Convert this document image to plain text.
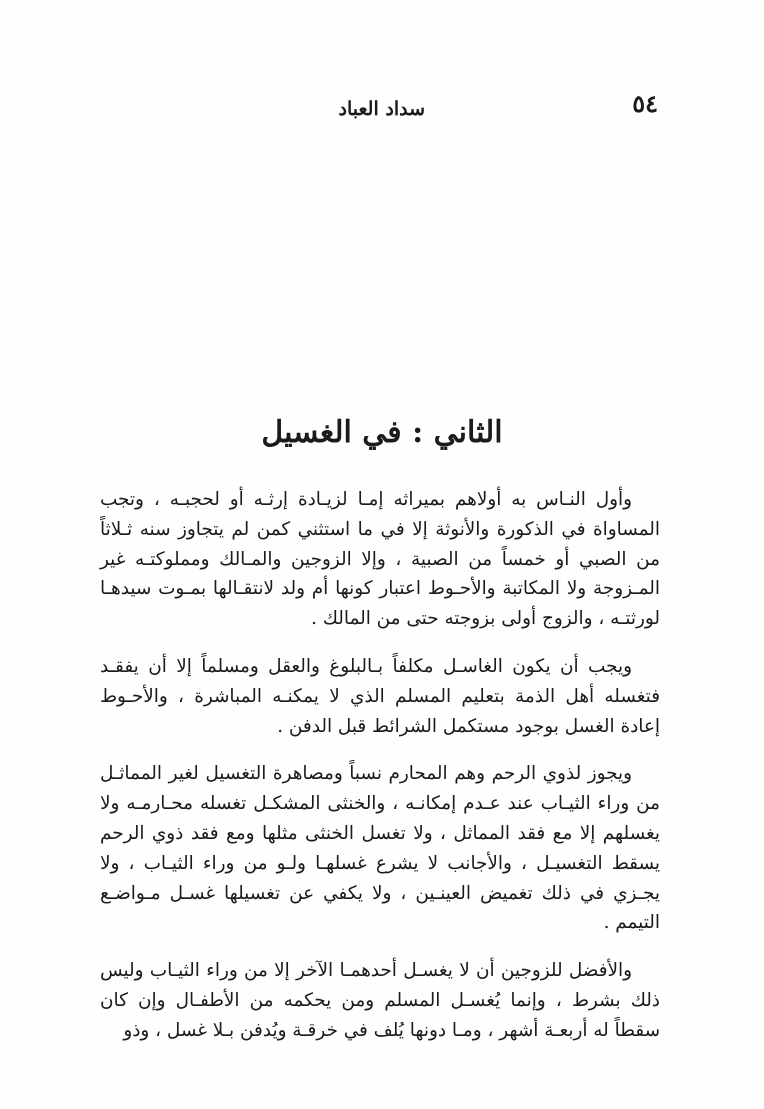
٥٤
سداد العباد
الثاني : في الغسيل

وأول النـاس به أولاهم بميراثه إمـا لزيـادة إرثـه أو لحجبـه ، وتجب المساواة في الذكورة والأنوثة إلا في ما استثني كمن لم يتجاوز سنه ثـلاثاً من الصبي أو خمساً من الصبية ، وإلا الزوجين والمـالك ومملوكتـه غير المـزوجة ولا المكاتبة والأحـوط اعتبار كونها أم ولد لانتقـالها بمـوت سيدهـا لورثتـه ، والزوج أولى بزوجته حتى من المالك .

ويجب أن يكون الغاسـل مكلفاً بـالبلوغ والعقل ومسلماً إلا أن يفقـد فتغسله أهل الذمة بتعليم المسلم الذي لا يمكنـه المباشرة ، والأحـوط إعادة الغسل بوجود مستكمل الشرائط قبل الدفن .

ويجوز لذوي الرحم وهم المحارم نسباً ومصاهرة التغسيل لغير المماثـل من وراء الثيـاب عند عـدم إمكانـه ، والخنثى المشكـل تغسله محـارمـه ولا يغسلهم إلا مع فقد المماثل ، ولا تغسل الخنثى مثلها ومع فقد ذوي الرحم يسقط التغسيـل ، والأجانب لا يشرع غسلهـا ولـو من وراء الثيـاب ، ولا يجـزي في ذلك تغميض العينـين ، ولا يكفي عن تغسيلها غسـل مـواضـع التيمم .

والأفضل للزوجين أن لا يغسـل أحدهمـا الآخر إلا من وراء الثيـاب وليس ذلك بشرط ، وإنما يُغسـل المسلم ومن يحكمه من الأطفـال وإن كان سقطاً له أربعـة أشهر ، ومـا دونها يُلف في خرقـة ويُدفن بـلا غسل ، وذو
